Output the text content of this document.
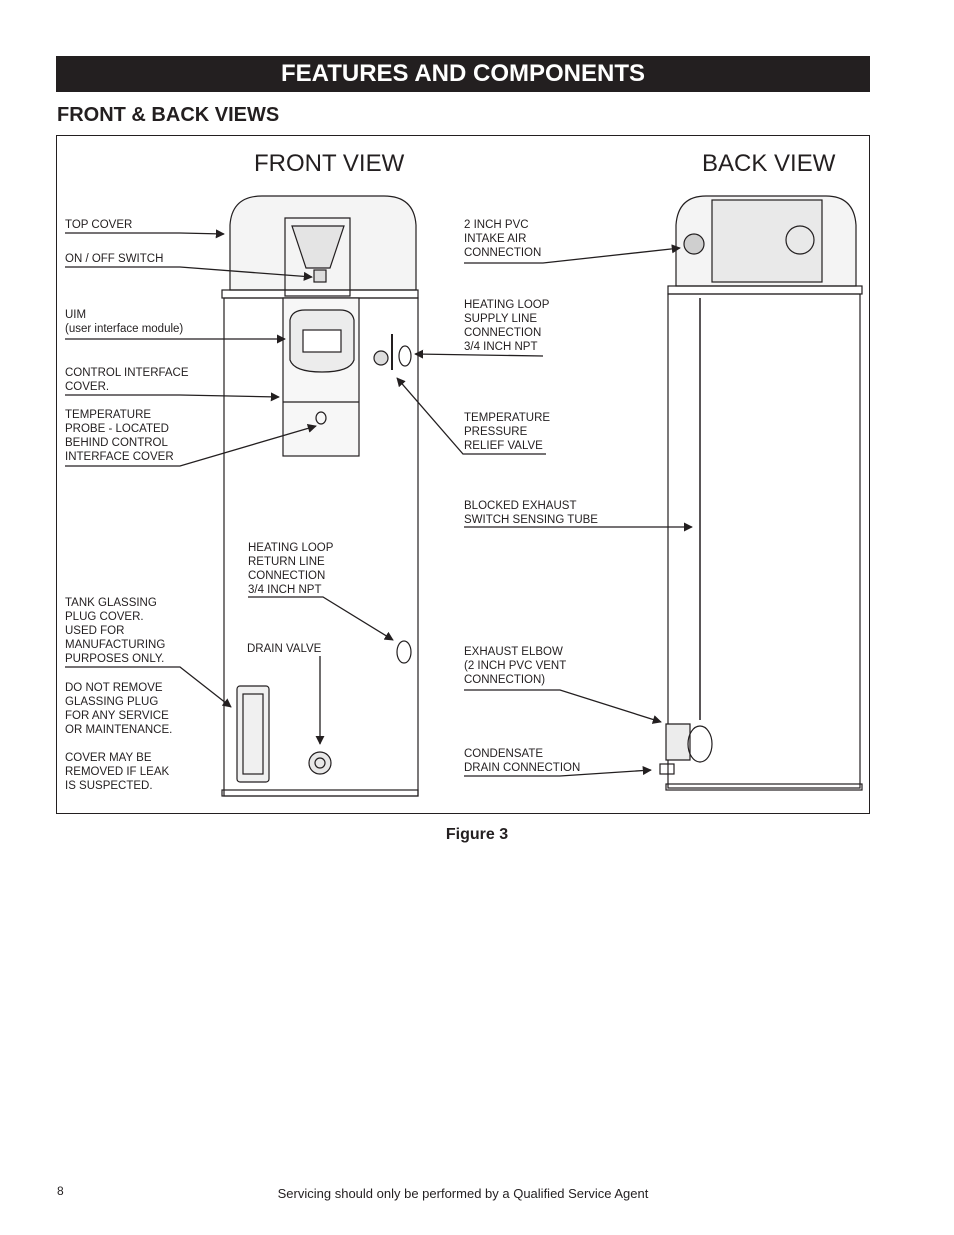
FEATURES AND COMPONENTS
FRONT & BACK VIEWS
FRONT VIEW	BACK VIEW
TOP COVER
ON / OFF SWITCH
UIM
(user interface module)
CONTROL INTERFACE
COVER.
TEMPERATURE
PROBE - LOCATED
BEHIND CONTROL
INTERFACE COVER
TANK GLASSING
PLUG COVER.
USED FOR
MANUFACTURING
PURPOSES ONLY.
DO NOT REMOVE
GLASSING PLUG
FOR ANY SERVICE
OR MAINTENANCE.
COVER MAY BE
REMOVED IF LEAK
IS SUSPECTED.
HEATING LOOP
RETURN LINE
CONNECTION
3/4 INCH NPT
DRAIN VALVE
2 INCH PVC
INTAKE AIR
CONNECTION
HEATING LOOP
SUPPLY LINE
CONNECTION
3/4 INCH NPT
TEMPERATURE
PRESSURE
RELIEF VALVE
BLOCKED EXHAUST
SWITCH SENSING TUBE
EXHAUST ELBOW
(2 INCH PVC VENT
CONNECTION)
CONDENSATE
DRAIN CONNECTION
Figure 3
8	Servicing should only be performed by a Qualified Service Agent
